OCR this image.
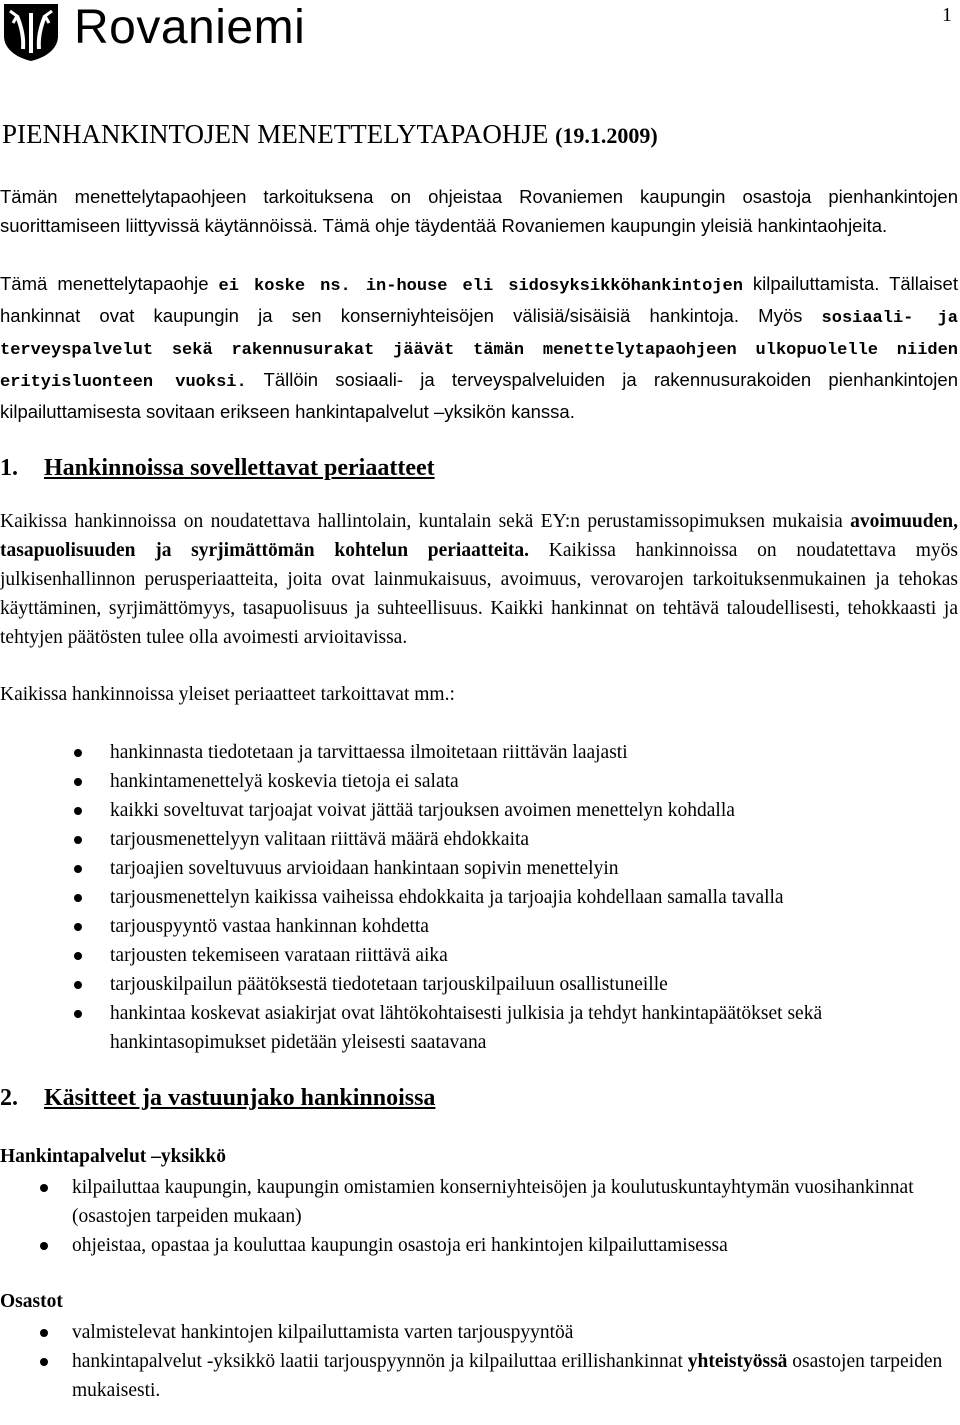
Rovaniemi	1
PIENHANKINTOJEN MENETTELYTAPAOHJE (19.1.2009)

Tämän menettelytapaohjeen tarkoituksena on ohjeistaa Rovaniemen kaupungin osastoja pienhankintojen suorittamiseen liittyvissä käytännöissä. Tämä ohje täydentää Rovaniemen kaupungin yleisiä hankintaohjeita.

Tämä menettelytapaohje ei koske ns. in-house eli sidosyksikköhankintojen kilpailuttamista. Tällaiset hankinnat ovat kaupungin ja sen konserniyhteisöjen välisiä/sisäisiä hankintoja. Myös sosiaali- ja terveyspalvelut sekä rakennusurakat jäävät tämän menettelytapaohjeen ulkopuolelle niiden erityisluonteen vuoksi. Tällöin sosiaali- ja terveyspalveluiden ja rakennusurakoiden pienhankintojen kilpailuttamisesta sovitaan erikseen hankintapalvelut –yksikön kanssa.

1.	Hankinnoissa sovellettavat periaatteet

Kaikissa hankinnoissa on noudatettava hallintolain, kuntalain sekä EY:n perustamissopimuksen mukaisia avoimuuden, tasapuolisuuden ja syrjimättömän kohtelun periaatteita. Kaikissa hankinnoissa on noudatettava myös julkisenhallinnon perusperiaatteita, joita ovat lainmukaisuus, avoimuus, verovarojen tarkoituksenmukainen ja tehokas käyttäminen, syrjimättömyys, tasapuolisuus ja suhteellisuus. Kaikki hankinnat on tehtävä taloudellisesti, tehokkaasti ja tehtyjen päätösten tulee olla avoimesti arvioitavissa.

Kaikissa hankinnoissa yleiset periaatteet tarkoittavat mm.:

hankinnasta tiedotetaan ja tarvittaessa ilmoitetaan riittävän laajasti
hankintamenettelyä koskevia tietoja ei salata
kaikki soveltuvat tarjoajat voivat jättää tarjouksen avoimen menettelyn kohdalla
tarjousmenettelyyn valitaan riittävä määrä ehdokkaita
tarjoajien soveltuvuus arvioidaan hankintaan sopivin menettelyin
tarjousmenettelyn kaikissa vaiheissa ehdokkaita ja tarjoajia kohdellaan samalla tavalla
tarjouspyyntö vastaa hankinnan kohdetta
tarjousten tekemiseen varataan riittävä aika
tarjouskilpailun päätöksestä tiedotetaan tarjouskilpailuun osallistuneille
hankintaa koskevat asiakirjat ovat lähtökohtaisesti julkisia ja tehdyt hankintapäätökset sekä hankintasopimukset pidetään yleisesti saatavana
2.	Käsitteet ja vastuunjako hankinnoissa
Hankintapalvelut –yksikkö
kilpailuttaa kaupungin, kaupungin omistamien konserniyhteisöjen ja koulutuskuntayhtymän vuosihankinnat (osastojen tarpeiden mukaan)
ohjeistaa, opastaa ja kouluttaa kaupungin osastoja eri hankintojen kilpailuttamisessa
Osastot
valmistelevat hankintojen kilpailuttamista varten tarjouspyyntöä
hankintapalvelut -yksikkö laatii tarjouspyynnön ja kilpailuttaa erillishankinnat yhteistyössä osastojen tarpeiden mukaisesti.
